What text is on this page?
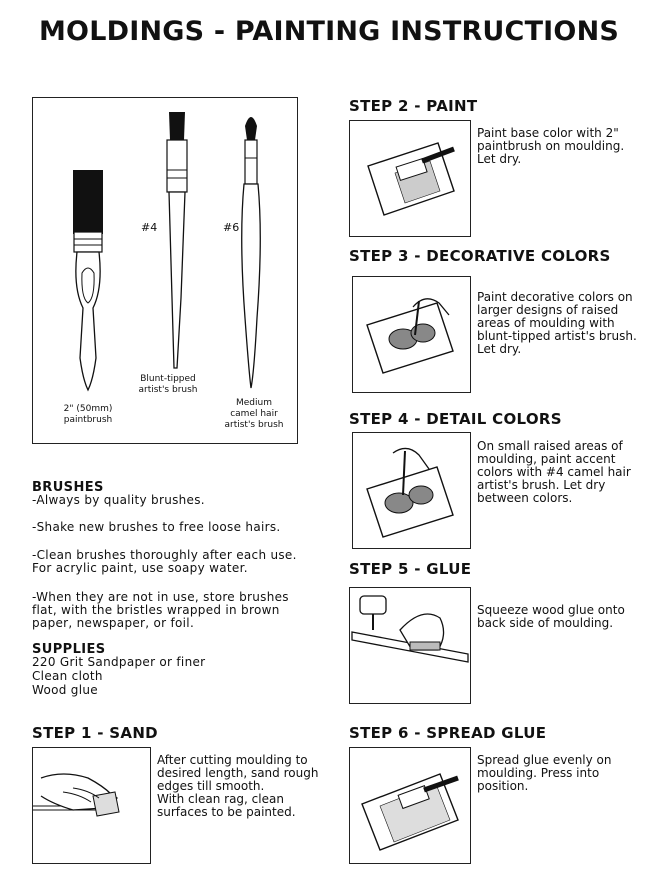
MOLDINGS - PAINTING INSTRUCTIONS
#4	#6
2" (50mm)
paintbrush
Blunt-tipped
artist's brush
Medium
camel hair
artist's brush
BRUSHES
-Always by quality brushes.
-Shake new brushes to free loose hairs.
-Clean brushes thoroughly after each use.
For acrylic paint, use soapy water.
-When they are not in use, store brushes
flat, with the bristles wrapped in brown
paper, newspaper, or foil.
SUPPLIES
220 Grit Sandpaper or finer
Clean cloth
Wood glue
STEP 1 - SAND
After cutting moulding to
desired length, sand rough
edges till smooth.
With clean rag, clean
surfaces to be painted.
STEP 2 - PAINT
Paint base color with 2"
paintbrush on moulding.
Let dry.
STEP 3 - DECORATIVE COLORS
Paint decorative colors on
larger designs of raised
areas of moulding with
blunt-tipped artist's brush.
Let dry.
STEP 4 - DETAIL COLORS
On small raised areas of
moulding, paint accent
colors with #4 camel hair
artist's brush. Let dry
between colors.
STEP 5 - GLUE
Squeeze wood glue onto
back side of moulding.
STEP 6 - SPREAD GLUE
Spread glue evenly on
moulding. Press into
position.
